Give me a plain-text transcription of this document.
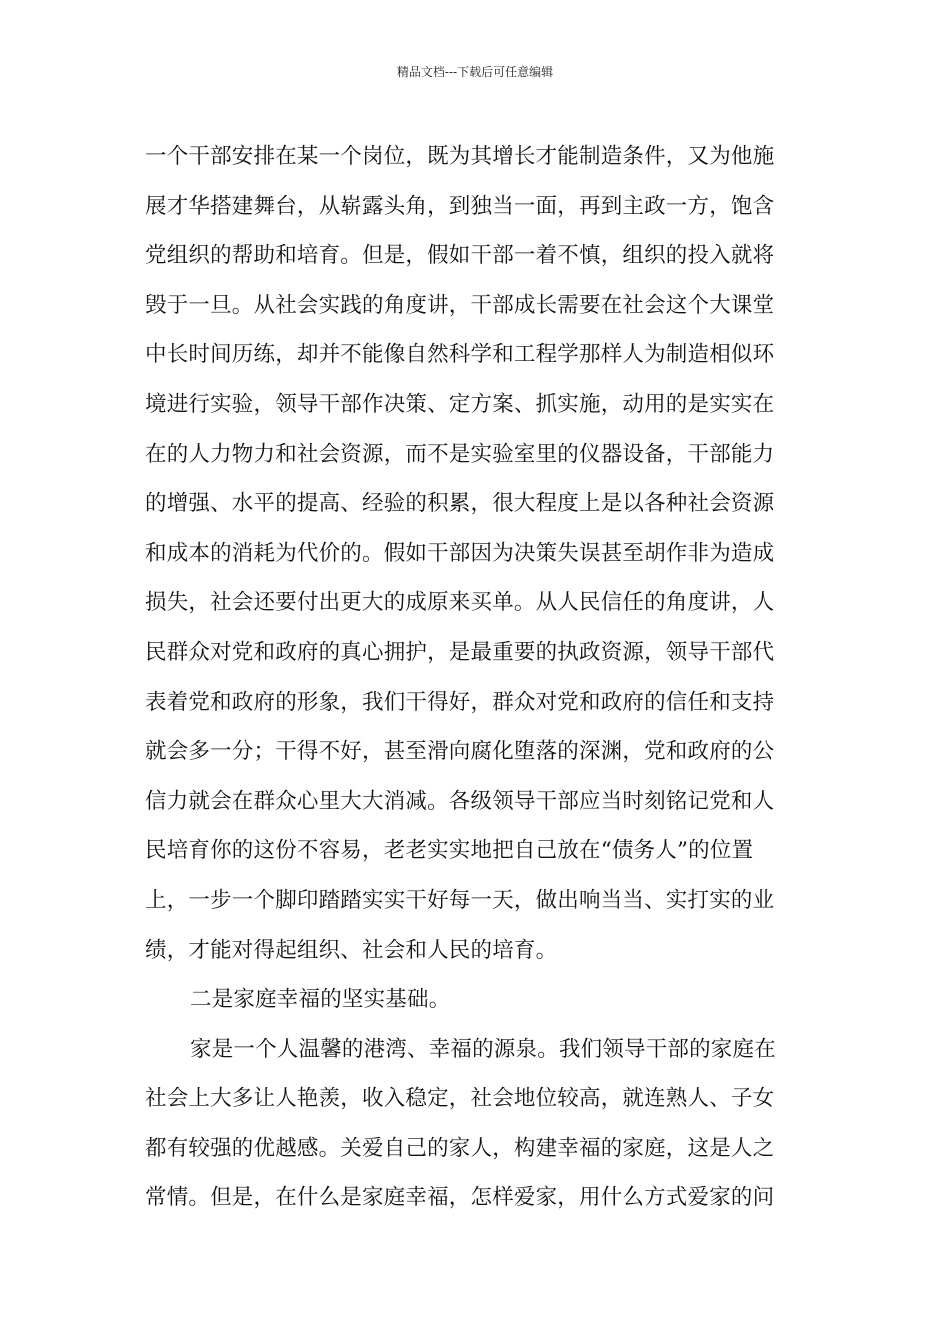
精品文档---下载后可任意编辑
一个干部安排在某一个岗位，既为其增长才能制造条件，又为他施
展才华搭建舞台，从崭露头角，到独当一面，再到主政一方，饱含
党组织的帮助和培育。但是，假如干部一着不慎，组织的投入就将
毁于一旦。从社会实践的角度讲，干部成长需要在社会这个大课堂
中长时间历练，却并不能像自然科学和工程学那样人为制造相似环
境进行实验，领导干部作决策、定方案、抓实施，动用的是实实在
在的人力物力和社会资源，而不是实验室里的仪器设备，干部能力
的增强、水平的提高、经验的积累，很大程度上是以各种社会资源
和成本的消耗为代价的。假如干部因为决策失误甚至胡作非为造成
损失，社会还要付出更大的成原来买单。从人民信任的角度讲，人
民群众对党和政府的真心拥护，是最重要的执政资源，领导干部代
表着党和政府的形象，我们干得好，群众对党和政府的信任和支持
就会多一分；干得不好，甚至滑向腐化堕落的深渊，党和政府的公
信力就会在群众心里大大消减。各级领导干部应当时刻铭记党和人
民培育你的这份不容易，老老实实地把自己放在“债务人”的位置
上，一步一个脚印踏踏实实干好每一天，做出响当当、实打实的业
绩，才能对得起组织、社会和人民的培育。
二是家庭幸福的坚实基础。
家是一个人温馨的港湾、幸福的源泉。我们领导干部的家庭在
社会上大多让人艳羡，收入稳定，社会地位较高，就连熟人、子女
都有较强的优越感。关爱自己的家人，构建幸福的家庭，这是人之
常情。但是，在什么是家庭幸福，怎样爱家，用什么方式爱家的问
